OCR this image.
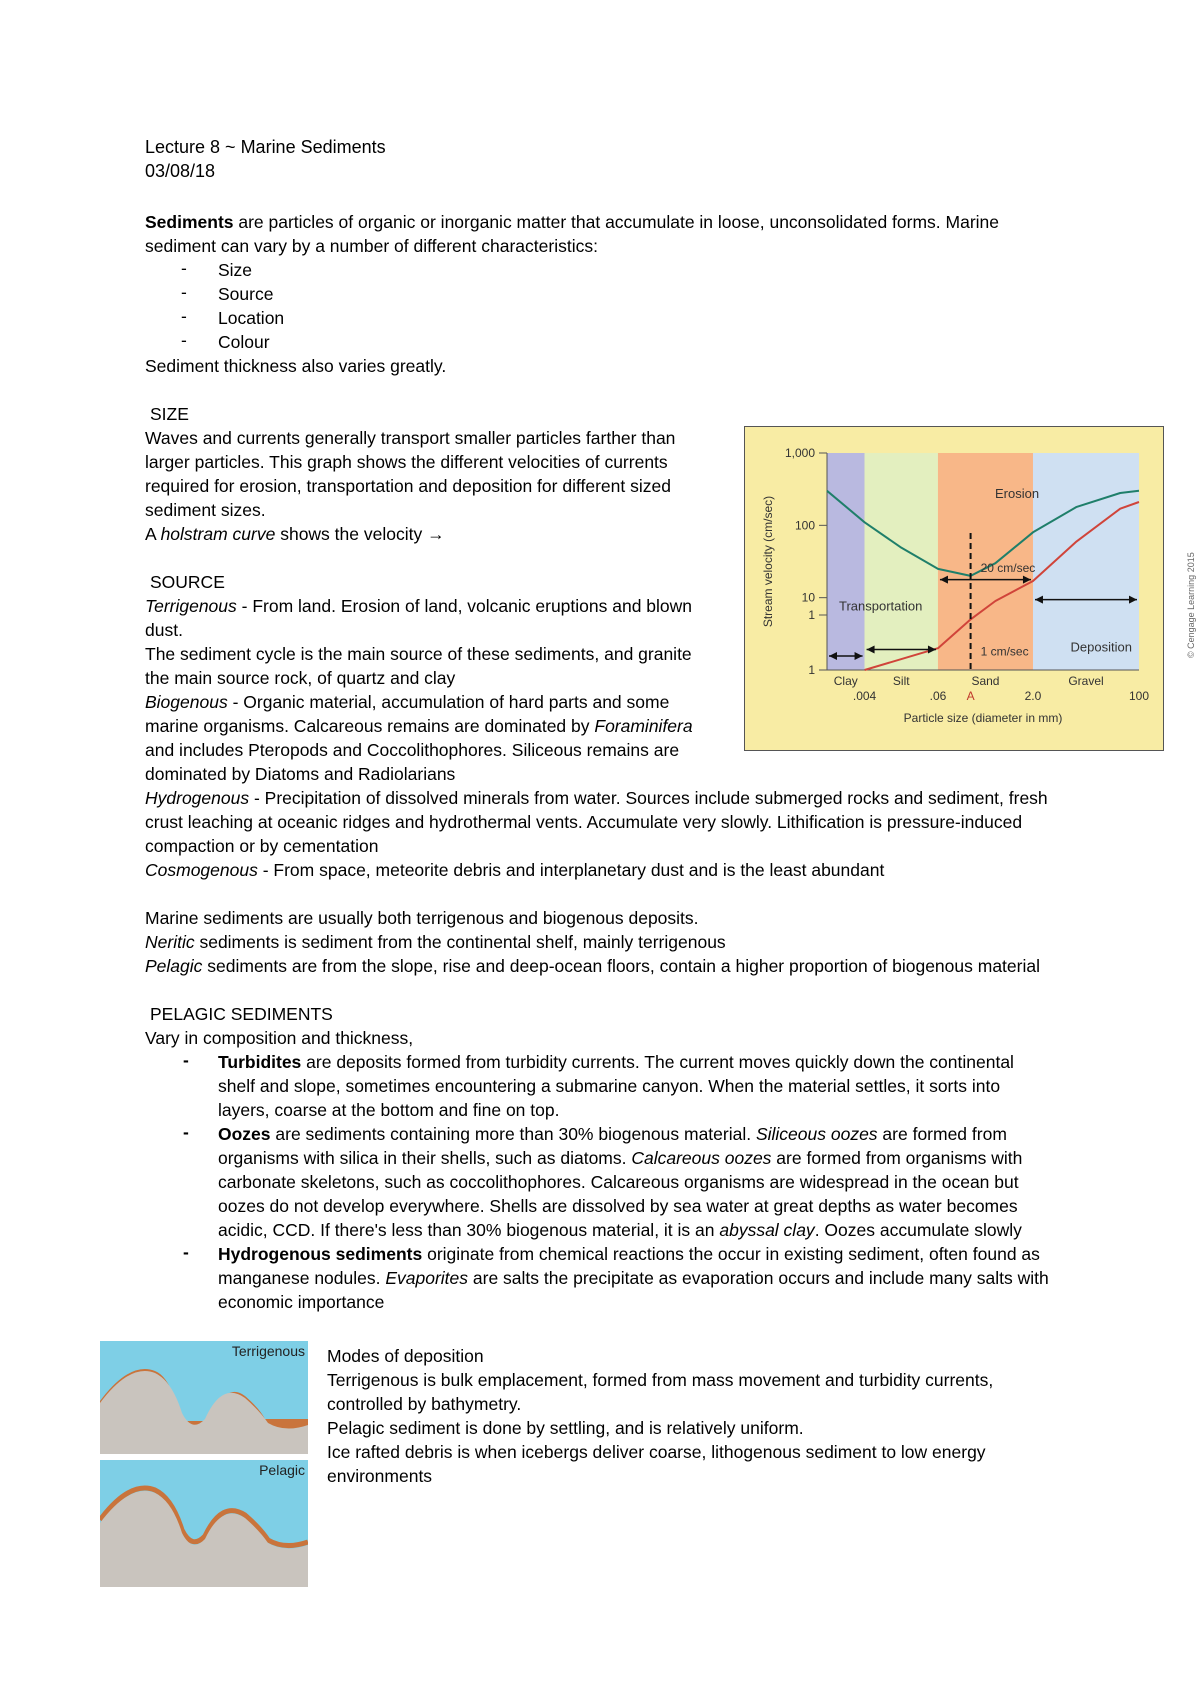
Lecture 8 ~ Marine Sediments
03/08/18
Sediments are particles of organic or inorganic matter that accumulate in loose, unconsolidated forms. Marine
sediment can vary by a number of different characteristics:
- Size
- Source
- Location
- Colour
Sediment thickness also varies greatly.
SIZE
Waves and currents generally transport smaller particles farther than
larger particles. This graph shows the different velocities of currents
required for erosion, transportation and deposition for different sized
sediment sizes.
A holstram curve shows the velocity →
SOURCE
Terrigenous - From land. Erosion of land, volcanic eruptions and blown
dust.
The sediment cycle is the main source of these sediments, and granite
the main source rock, of quartz and clay
Biogenous - Organic material, accumulation of hard parts and some
marine organisms. Calcareous remains are dominated by Foraminifera
and includes Pteropods and Coccolithophores. Siliceous remains are
dominated by Diatoms and Radiolarians
Hydrogenous - Precipitation of dissolved minerals from water. Sources include submerged rocks and sediment, fresh
crust leaching at oceanic ridges and hydrothermal vents. Accumulate very slowly. Lithification is pressure-induced
compaction or by cementation
Cosmogenous - From space, meteorite debris and interplanetary dust and is the least abundant
Marine sediments are usually both terrigenous and biogenous deposits.
Neritic sediments is sediment from the continental shelf, mainly terrigenous
Pelagic sediments are from the slope, rise and deep-ocean floors, contain a higher proportion of biogenous material
PELAGIC SEDIMENTS
Vary in composition and thickness,
- Turbidites are deposits formed from turbidity currents. The current moves quickly down the continental
shelf and slope, sometimes encountering a submarine canyon. When the material settles, it sorts into
layers, coarse at the bottom and fine on top.
- Oozes are sediments containing more than 30% biogenous material. Siliceous oozes are formed from
organisms with silica in their shells, such as diatoms. Calcareous oozes are formed from organisms with
carbonate skeletons, such as coccolithophores. Calcareous organisms are widespread in the ocean but
oozes do not develop everywhere. Shells are dissolved by sea water at great depths as water becomes
acidic, CCD. If there's less than 30% biogenous material, it is an abyssal clay. Oozes accumulate slowly
- Hydrogenous sediments originate from chemical reactions the occur in existing sediment, often found as
manganese nodules. Evaporites are salts the precipitate as evaporation occurs and include many salts with
economic importance
Modes of deposition
Terrigenous is bulk emplacement, formed from mass movement and turbidity currents,
controlled by bathymetry.
Pelagic sediment is done by settling, and is relatively uniform.
Ice rafted debris is when icebergs deliver coarse, lithogenous sediment to low energy
environments
Clay	Silt	Sand	Gravel
1
1
10
100
1,000
.004	.06	2.0	100
Particle size (diameter in mm)
Stream velocity (cm/sec)
Erosion
Transportation
Deposition
20 cm/sec
1 cm/sec
A
© Cengage Learning 2015
Terrigenous
Pelagic
